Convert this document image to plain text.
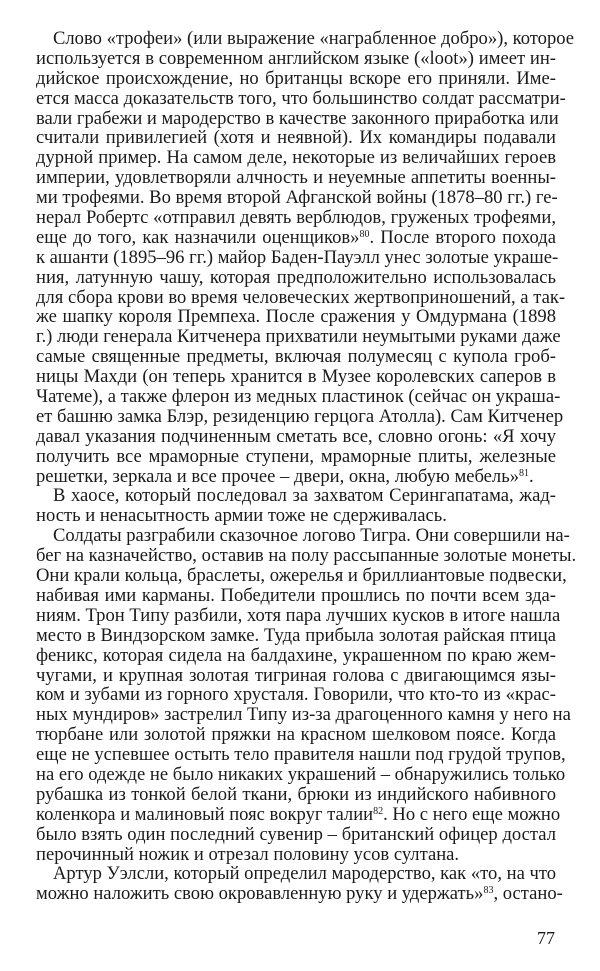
Слово «трофеи» (или выражение «награбленное добро»), которое
используется в современном английском языке («loot») имеет ин-
дийское происхождение, но британцы вскоре его приняли. Име-
ется масса доказательств того, что большинство солдат рассматри-
вали грабежи и мародерство в качестве законного приработка или
считали привилегией (хотя и неявной). Их командиры подавали
дурной пример. На самом деле, некоторые из величайших героев
империи, удовлетворяли алчность и неуемные аппетиты военны-
ми трофеями. Во время второй Афганской войны (1878–80 гг.) ге-
нерал Робертс «отправил девять верблюдов, груженых трофеями,
еще до того, как назначили оценщиков»$^{80}$. После второго похода
к ашанти (1895–96 гг.) майор Баден-Пауэлл унес золотые украше-
ния, латунную чашу, которая предположительно использовалась
для сбора крови во время человеческих жертвоприношений, а так-
же шапку короля Премпеха. После сражения у Омдурмана (1898
г.) люди генерала Китченера прихватили неумытыми руками даже
самые священные предметы, включая полумесяц с купола гроб-
ницы Махди (он теперь хранится в Музее королевских саперов в
Чатеме), а также флерон из медных пластинок (сейчас он украша-
ет башню замка Блэр, резиденцию герцога Атолла). Сам Китченер
давал указания подчиненным сметать все, словно огонь: «Я хочу
получить все мраморные ступени, мраморные плиты, железные
решетки, зеркала и все прочее – двери, окна, любую мебель»$^{81}$.
В хаосе, который последовал за захватом Серингапатама, жад-
ность и ненасытность армии тоже не сдерживалась.
Солдаты разграбили сказочное логово Тигра. Они совершили на-
бег на казначейство, оставив на полу рассыпанные золотые монеты.
Они крали кольца, браслеты, ожерелья и бриллиантовые подвески,
набивая ими карманы. Победители прошлись по почти всем зда-
ниям. Трон Типу разбили, хотя пара лучших кусков в итоге нашла
место в Виндзорском замке. Туда прибыла золотая райская птица
феникс, которая сидела на балдахине, украшенном по краю жем-
чугами, и крупная золотая тигриная голова с двигающимся язы-
ком и зубами из горного хрусталя. Говорили, что кто-то из «крас-
ных мундиров» застрелил Типу из-за драгоценного камня у него на
тюрбане или золотой пряжки на красном шелковом поясе. Когда
еще не успевшее остыть тело правителя нашли под грудой трупов,
на его одежде не было никаких украшений – обнаружились только
рубашка из тонкой белой ткани, брюки из индийского набивного
коленкора и малиновый пояс вокруг талии$^{82}$. Но с него еще можно
было взять один последний сувенир – британский офицер достал
перочинный ножик и отрезал половину усов султана.
Артур Уэлсли, который определил мародерство, как «то, на что
можно наложить свою окровавленную руку и удержать»$^{83}$, остано-
77
